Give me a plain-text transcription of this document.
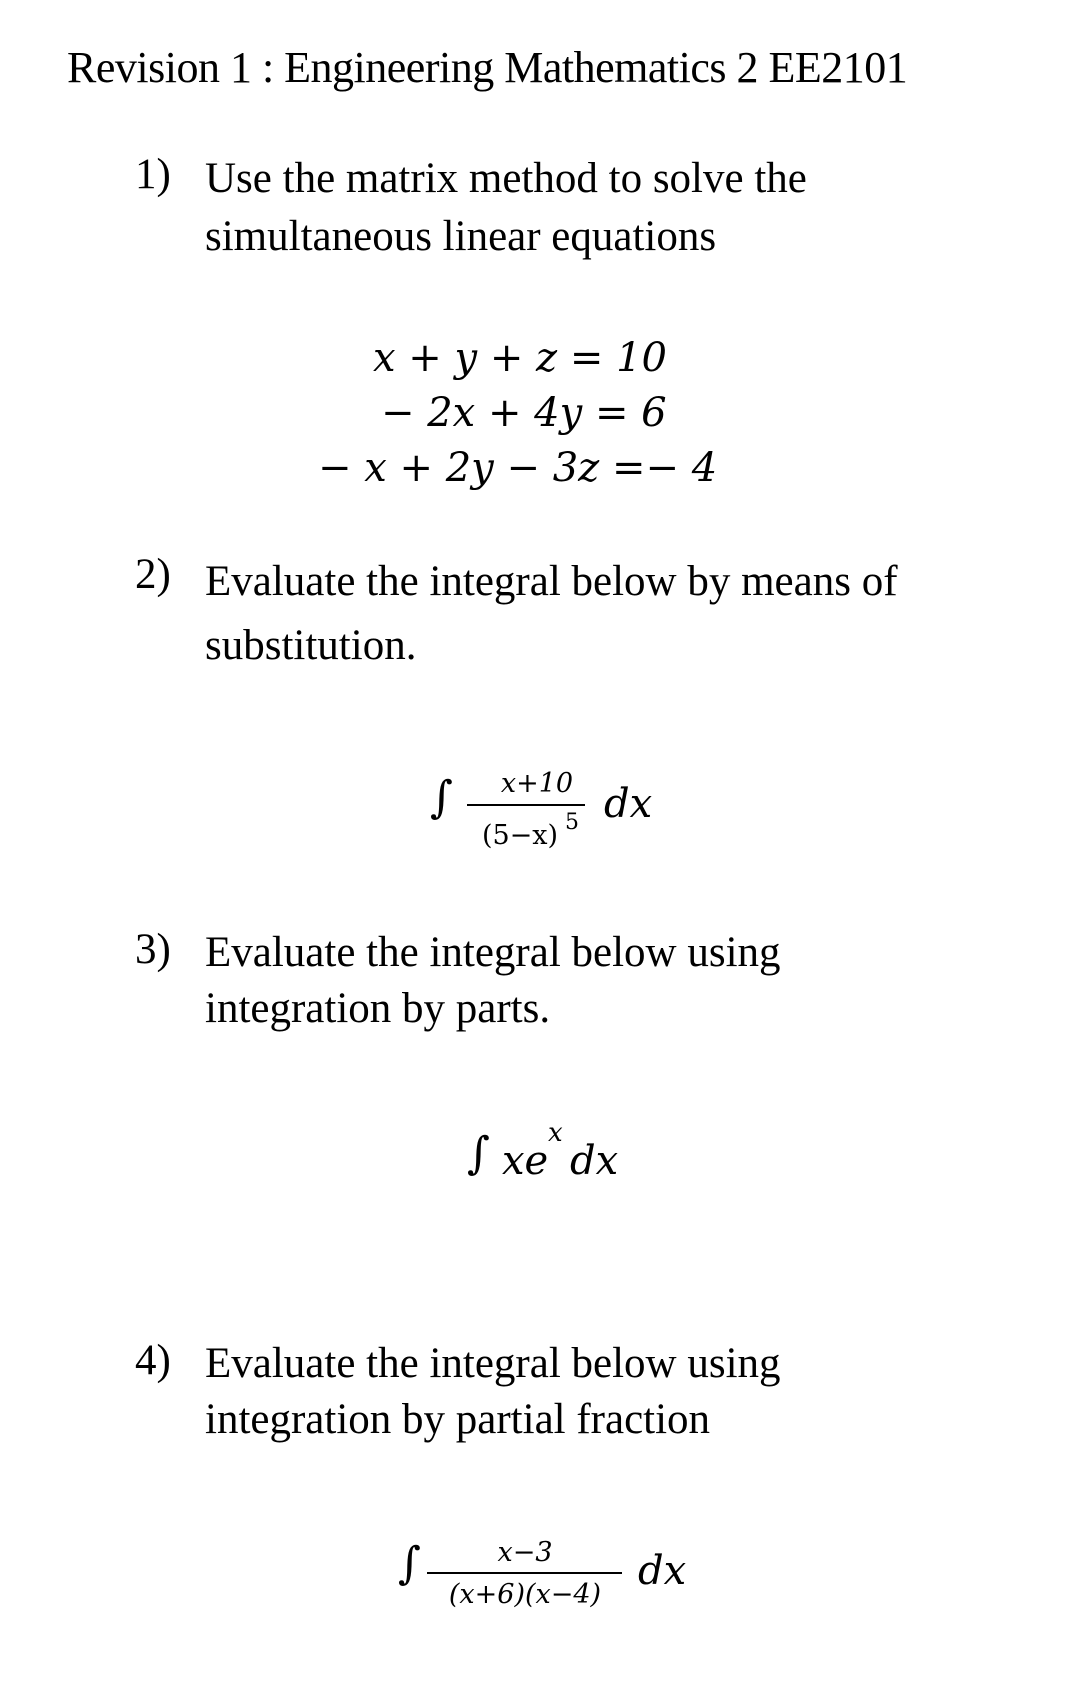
Revision 1 : Engineering Mathematics 2 EE2101
1) Use the matrix method to solve the
simultaneous linear equations
x + y + z = 10
− 2x + 4y = 6
− x + 2y − 3z =− 4
2) Evaluate the integral below by means of
substitution.
∫	x+10
(5−x) 5 dx
3) Evaluate the integral below using
integration by parts.
∫ xe
x
dx
4) Evaluate the integral below using
integration by partial fraction
∫	x−3
(x+6)(x−4)
dx
